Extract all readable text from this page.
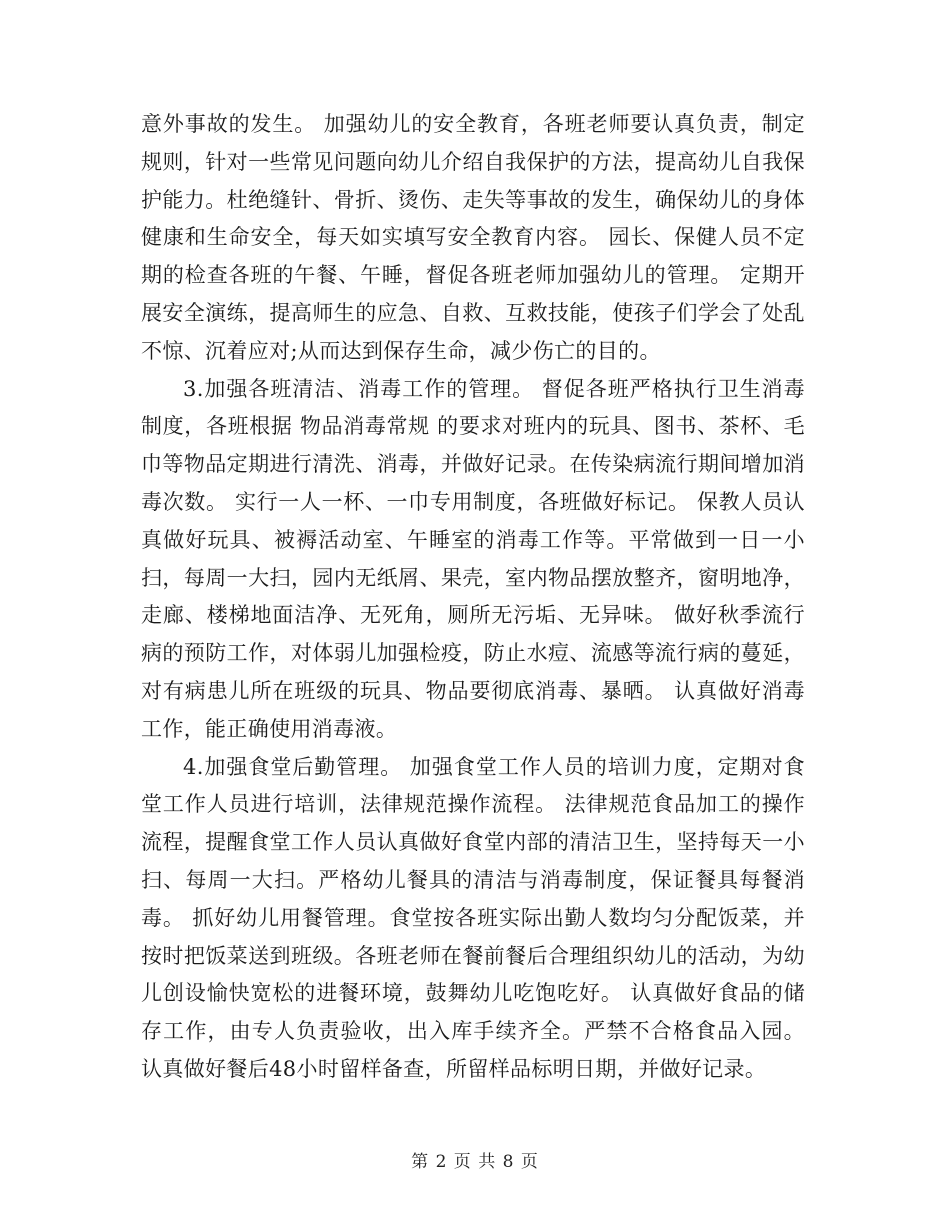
意外事故的发生。 加强幼儿的安全教育，各班老师要认真负责，制定规则，针对一些常见问题向幼儿介绍自我保护的方法，提高幼儿自我保护能力。杜绝缝针、骨折、烫伤、走失等事故的发生，确保幼儿的身体健康和生命安全，每天如实填写安全教育内容。 园长、保健人员不定期的检查各班的午餐、午睡，督促各班老师加强幼儿的管理。 定期开展安全演练，提高师生的应急、自救、互救技能，使孩子们学会了处乱不惊、沉着应对;从而达到保存生命，减少伤亡的目的。

3.加强各班清洁、消毒工作的管理。 督促各班严格执行卫生消毒制度，各班根据 物品消毒常规 的要求对班内的玩具、图书、茶杯、毛巾等物品定期进行清洗、消毒，并做好记录。在传染病流行期间增加消毒次数。 实行一人一杯、一巾专用制度，各班做好标记。 保教人员认真做好玩具、被褥活动室、午睡室的消毒工作等。平常做到一日一小扫，每周一大扫，园内无纸屑、果壳，室内物品摆放整齐，窗明地净，走廊、楼梯地面洁净、无死角，厕所无污垢、无异味。 做好秋季流行病的预防工作，对体弱儿加强检疫，防止水痘、流感等流行病的蔓延，对有病患儿所在班级的玩具、物品要彻底消毒、暴晒。 认真做好消毒工作，能正确使用消毒液。

4.加强食堂后勤管理。 加强食堂工作人员的培训力度，定期对食堂工作人员进行培训，法律规范操作流程。 法律规范食品加工的操作流程，提醒食堂工作人员认真做好食堂内部的清洁卫生，坚持每天一小扫、每周一大扫。严格幼儿餐具的清洁与消毒制度，保证餐具每餐消毒。 抓好幼儿用餐管理。食堂按各班实际出勤人数均匀分配饭菜，并按时把饭菜送到班级。各班老师在餐前餐后合理组织幼儿的活动，为幼儿创设愉快宽松的进餐环境，鼓舞幼儿吃饱吃好。 认真做好食品的储存工作，由专人负责验收，出入库手续齐全。严禁不合格食品入园。 认真做好餐后48小时留样备查，所留样品标明日期，并做好记录。

第 2 页 共 8 页
